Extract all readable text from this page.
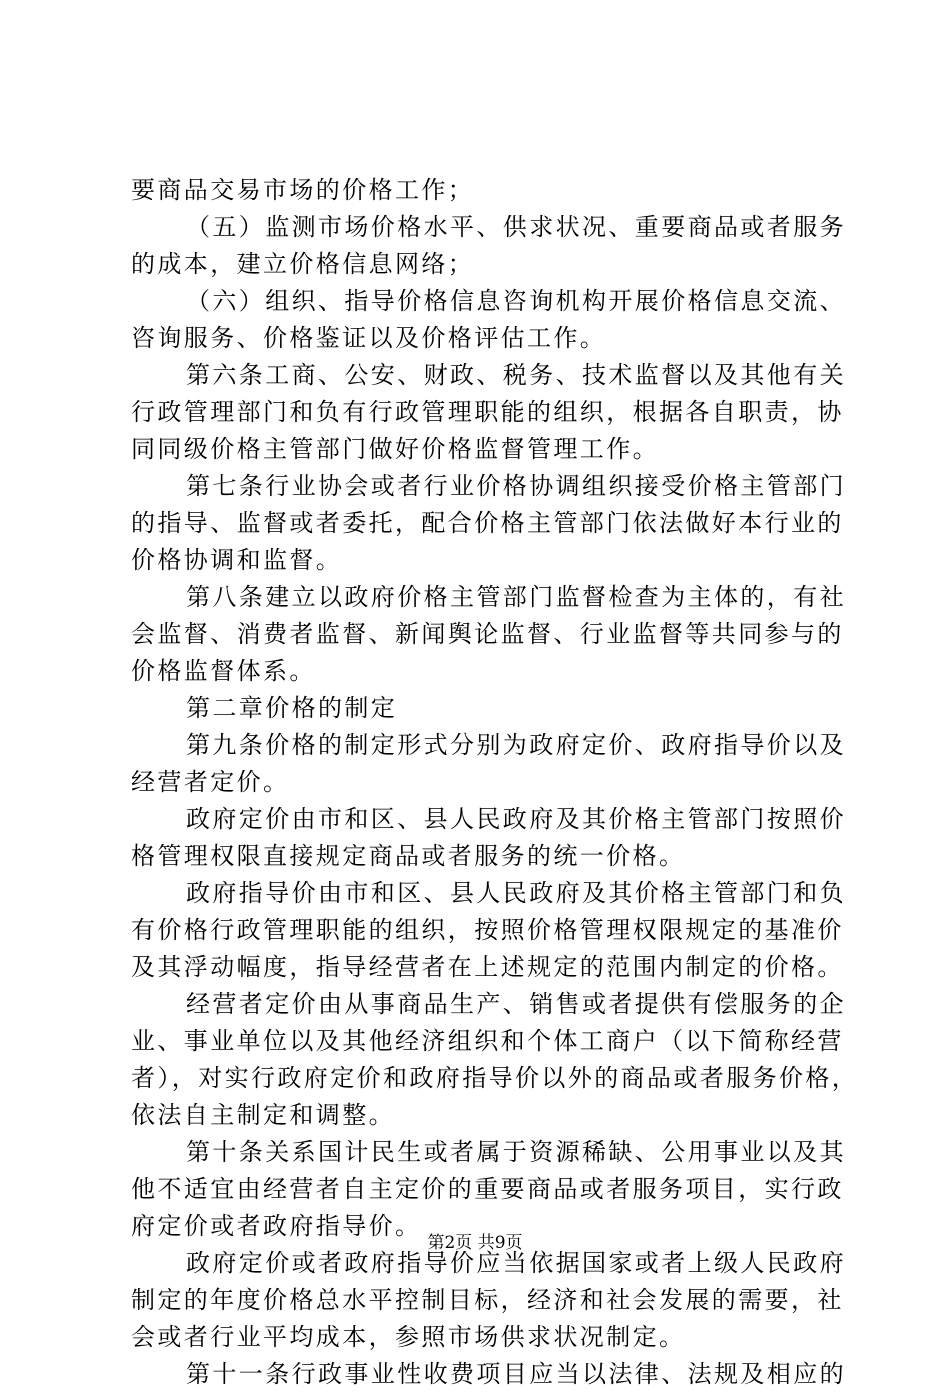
要商品交易市场的价格工作；
（五）监测市场价格水平、供求状况、重要商品或者服务
的成本，建立价格信息网络；
（六）组织、指导价格信息咨询机构开展价格信息交流、
咨询服务、价格鉴证以及价格评估工作。
第六条工商、公安、财政、税务、技术监督以及其他有关
行政管理部门和负有行政管理职能的组织，根据各自职责，协
同同级价格主管部门做好价格监督管理工作。
第七条行业协会或者行业价格协调组织接受价格主管部门
的指导、监督或者委托，配合价格主管部门依法做好本行业的
价格协调和监督。
第八条建立以政府价格主管部门监督检查为主体的，有社
会监督、消费者监督、新闻舆论监督、行业监督等共同参与的
价格监督体系。
第二章价格的制定
第九条价格的制定形式分别为政府定价、政府指导价以及
经营者定价。
政府定价由市和区、县人民政府及其价格主管部门按照价
格管理权限直接规定商品或者服务的统一价格。
政府指导价由市和区、县人民政府及其价格主管部门和负
有价格行政管理职能的组织，按照价格管理权限规定的基准价
及其浮动幅度，指导经营者在上述规定的范围内制定的价格。
经营者定价由从事商品生产、销售或者提供有偿服务的企
业、事业单位以及其他经济组织和个体工商户（以下简称经营
者），对实行政府定价和政府指导价以外的商品或者服务价格，
依法自主制定和调整。
第十条关系国计民生或者属于资源稀缺、公用事业以及其
他不适宜由经营者自主定价的重要商品或者服务项目，实行政
府定价或者政府指导价。
政府定价或者政府指导价应当依据国家或者上级人民政府
制定的年度价格总水平控制目标，经济和社会发展的需要，社
会或者行业平均成本，参照市场供求状况制定。
第十一条行政事业性收费项目应当以法律、法规及相应的
第2页 共9页
